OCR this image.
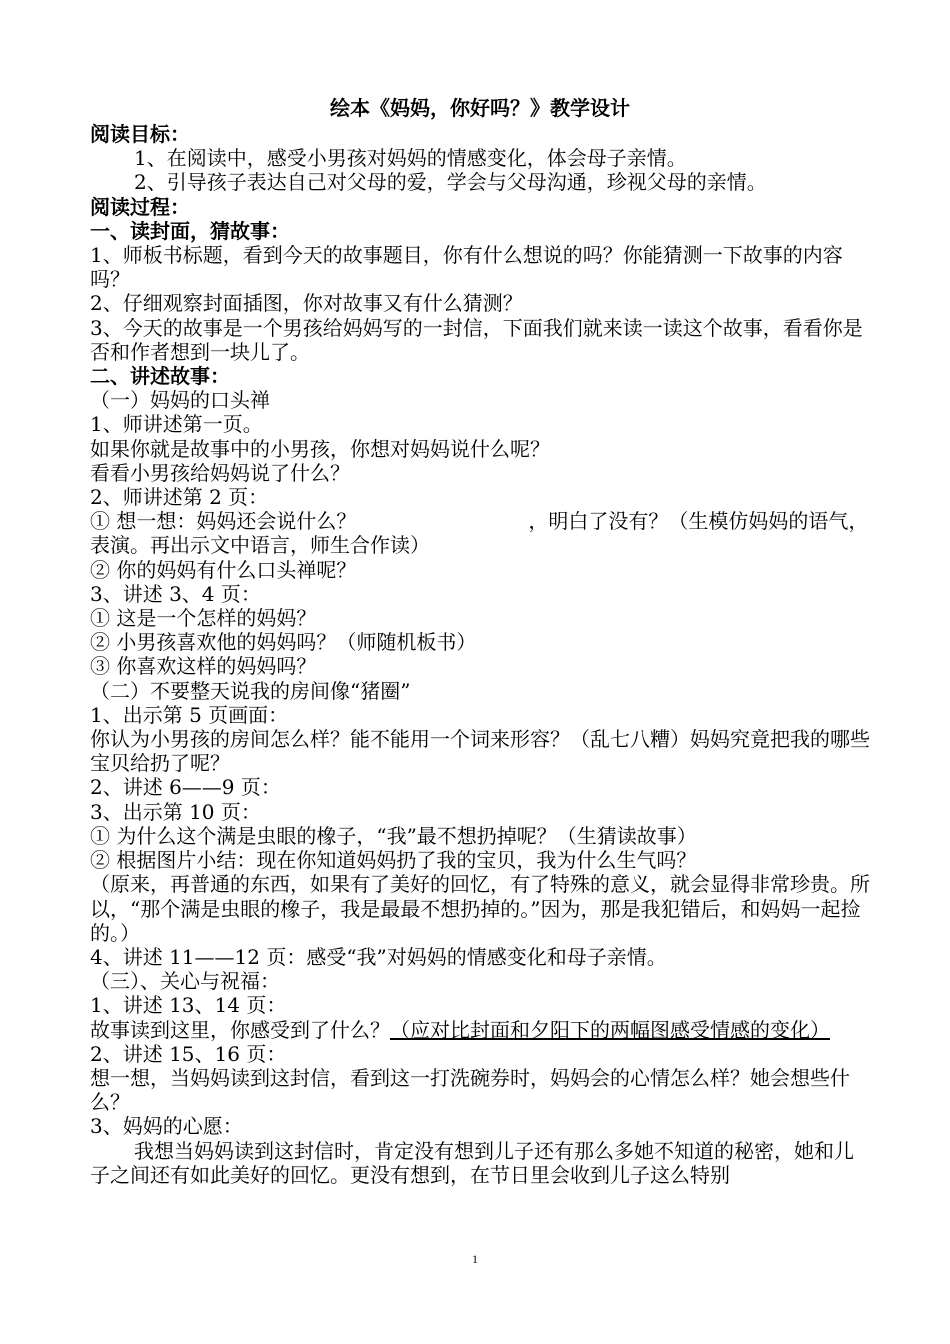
绘本《妈妈，你好吗？》教学设计
阅读目标：
1、在阅读中，感受小男孩对妈妈的情感变化，体会母子亲情。
2、引导孩子表达自己对父母的爱，学会与父母沟通，珍视父母的亲情。
阅读过程：
一、读封面，猜故事：
1、师板书标题，看到今天的故事题目，你有什么想说的吗？你能猜测一下故事的内容吗？
2、仔细观察封面插图，你对故事又有什么猜测？
3、今天的故事是一个男孩给妈妈写的一封信，下面我们就来读一读这个故事，看看你是否和作者想到一块儿了。
二、讲述故事：
（一）妈妈的口头禅
1、师讲述第一页。
如果你就是故事中的小男孩，你想对妈妈说什么呢？
看看小男孩给妈妈说了什么？
2、师讲述第 2 页：
① 想一想：妈妈还会说什么？	，明白了没有？（生模仿妈妈的语气，表演。再出示文中语言，师生合作读）
② 你的妈妈有什么口头禅呢？
3、讲述 3、4 页：
① 这是一个怎样的妈妈？
② 小男孩喜欢他的妈妈吗？（师随机板书）
③ 你喜欢这样的妈妈吗？
（二）不要整天说我的房间像“猪圈”
1、出示第 5 页画面：
你认为小男孩的房间怎么样？能不能用一个词来形容？（乱七八糟）妈妈究竟把我的哪些宝贝给扔了呢？
2、讲述 6——9 页：
3、出示第 10 页：
① 为什么这个满是虫眼的橡子，“我”最不想扔掉呢？（生猜读故事）
② 根据图片小结：现在你知道妈妈扔了我的宝贝，我为什么生气吗？
（原来，再普通的东西，如果有了美好的回忆，有了特殊的意义，就会显得非常珍贵。所以，“那个满是虫眼的橡子，我是最最不想扔掉的。”因为，那是我犯错后，和妈妈一起捡的。）
4、讲述 11——12 页：感受“我”对妈妈的情感变化和母子亲情。
（三）、关心与祝福：
1、讲述 13、14 页：
故事读到这里，你感受到了什么？（应对比封面和夕阳下的两幅图感受情感的变化）
2、讲述 15、16 页：
想一想，当妈妈读到这封信，看到这一打洗碗券时，妈妈会的心情怎么样？她会想些什么？
3、妈妈的心愿：
我想当妈妈读到这封信时，肯定没有想到儿子还有那么多她不知道的秘密，她和儿子之间还有如此美好的回忆。更没有想到，在节日里会收到儿子这么特别
1
